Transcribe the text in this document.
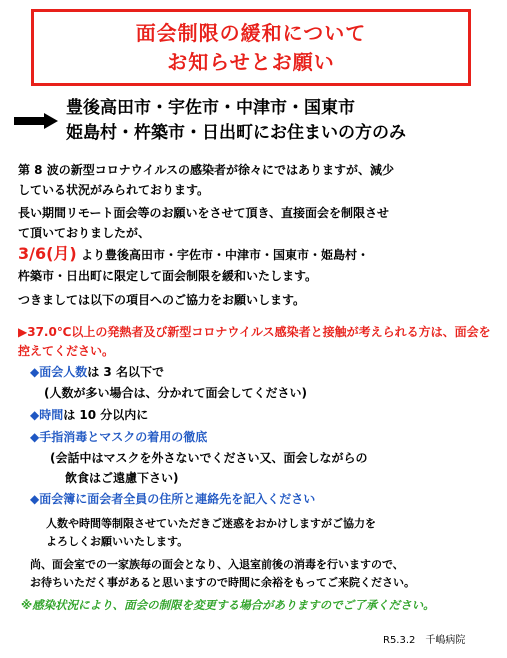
面会制限の緩和について
お知らせとお願い
豊後高田市・宇佐市・中津市・国東市
姫島村・杵築市・日出町にお住まいの方のみ
第 8 波の新型コロナウイルスの感染者が徐々にではありますが、減少
している状況がみられております。
長い期間リモート面会等のお願いをさせて頂き、直接面会を制限させ
て頂いておりましたが、
3/6(月) より豊後高田市・宇佐市・中津市・国東市・姫島村・
杵築市・日出町に限定して面会制限を緩和いたします。
つきましては以下の項目へのご協力をお願いします。
▶37.0℃以上の発熱者及び新型コロナウイルス感染者と接触が考えられる方は、面会を控えてください。
◆面会人数は 3 名以下で
(人数が多い場合は、分かれて面会してください)
◆時間は 10 分以内に
◆手指消毒とマスクの着用の徹底
(会話中はマスクを外さないでください又、面会しながらの
飲食はご遠慮下さい)
◆面会簿に面会者全員の住所と連絡先を記入ください
人数や時間等制限させていただきご迷惑をおかけしますがご協力を
よろしくお願いいたします。
尚、面会室での一家族毎の面会となり、入退室前後の消毒を行いますので、
お待ちいただく事があると思いますので時間に余裕をもってご来院ください。
※感染状況により、面会の制限を変更する場合がありますのでご了承ください。
R5.3.2　千嶋病院
